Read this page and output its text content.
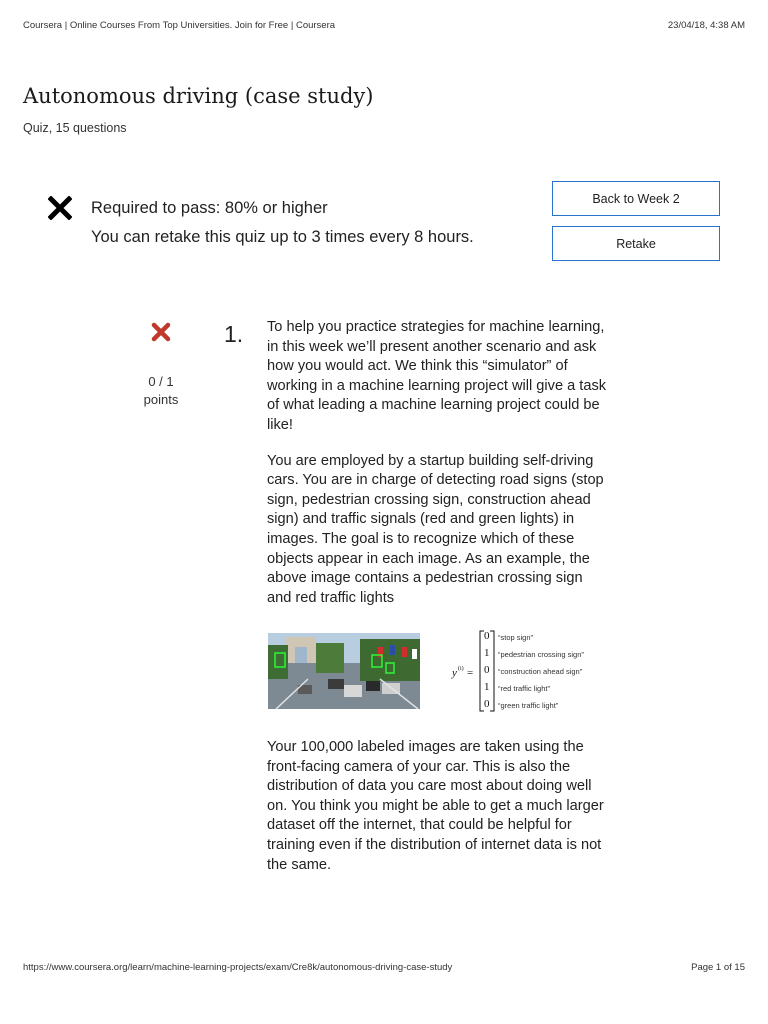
Coursera | Online Courses From Top Universities. Join for Free | Coursera	23/04/18, 4:38 AM
Autonomous driving (case study)
Quiz, 15 questions
Required to pass: 80% or higher
You can retake this quiz up to 3 times every 8 hours.
Back to Week 2
Retake
0 / 1
points
1. To help you practice strategies for machine learning, in this week we’ll present another scenario and ask how you would act. We think this “simulator” of working in a machine learning project will give a task of what leading a machine learning project could be like!

You are employed by a startup building self-driving cars. You are in charge of detecting road signs (stop sign, pedestrian crossing sign, construction ahead sign) and traffic signals (red and green lights) in images. The goal is to recognize which of these objects appear in each image. As an example, the above image contains a pedestrian crossing sign and red traffic lights

y (i) =
0
1
0
1
0
“stop sign”
“pedestrian crossing sign”
“construction ahead sign”
“red traffic light”
“green traffic light”
Your 100,000 labeled images are taken using the front-facing camera of your car. This is also the distribution of data you care most about doing well on. You think you might be able to get a much larger dataset off the internet, that could be helpful for training even if the distribution of internet data is not the same.
https://www.coursera.org/learn/machine-learning-projects/exam/Cre8k/autonomous-driving-case-study	Page 1 of 15
